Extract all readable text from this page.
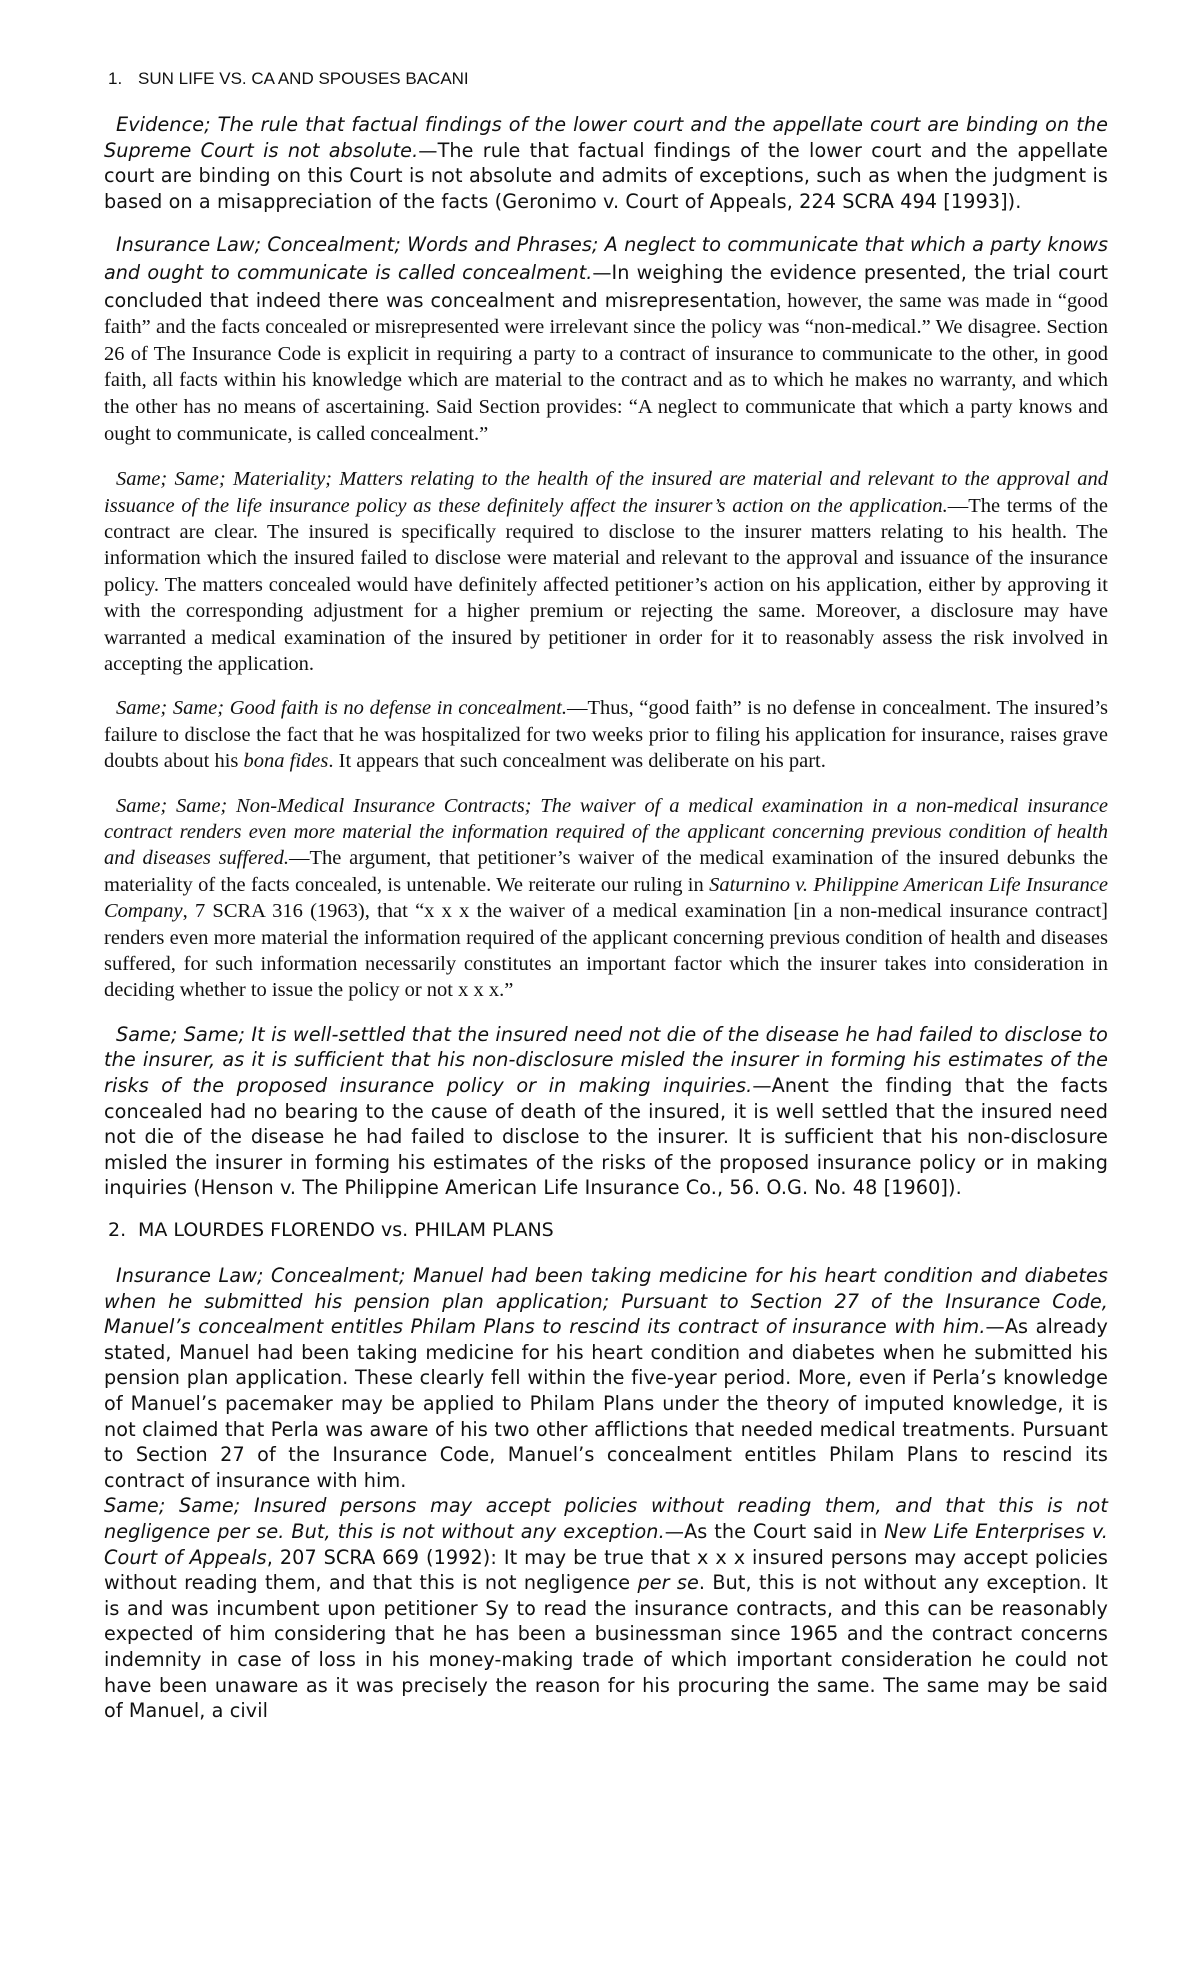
1. SUN LIFE VS. CA AND SPOUSES BACANI

Evidence; The rule that factual findings of the lower court and the appellate court are binding on the Supreme Court is not absolute.—The rule that factual findings of the lower court and the appellate court are binding on this Court is not absolute and admits of exceptions, such as when the judgment is based on a misappreciation of the facts (Geronimo v. Court of Appeals, 224 SCRA 494 [1993]).

Insurance Law; Concealment; Words and Phrases; A neglect to communicate that which a party knows and ought to communicate is called concealment.—In weighing the evidence presented, the trial court concluded that indeed there was concealment and misrepresentation, however, the same was made in “good faith” and the facts concealed or misrepresented were irrelevant since the policy was “non-medical.” We disagree. Section 26 of The Insurance Code is explicit in requiring a party to a contract of insurance to communicate to the other, in good faith, all facts within his knowledge which are material to the contract and as to which he makes no warranty, and which the other has no means of ascertaining. Said Section provides: “A neglect to communicate that which a party knows and ought to communicate, is called concealment.”

Same; Same; Materiality; Matters relating to the health of the insured are material and relevant to the approval and issuance of the life insurance policy as these definitely affect the insurer’s action on the application.—The terms of the contract are clear. The insured is specifically required to disclose to the insurer matters relating to his health. The information which the insured failed to disclose were material and relevant to the approval and issuance of the insurance policy. The matters concealed would have definitely affected petitioner’s action on his application, either by approving it with the corresponding adjustment for a higher premium or rejecting the same. Moreover, a disclosure may have warranted a medical examination of the insured by petitioner in order for it to reasonably assess the risk involved in accepting the application.

Same; Same; Good faith is no defense in concealment.—Thus, “good faith” is no defense in concealment. The insured’s failure to disclose the fact that he was hospitalized for two weeks prior to filing his application for insurance, raises grave doubts about his bona fides. It appears that such concealment was deliberate on his part.

Same; Same; Non-Medical Insurance Contracts; The waiver of a medical examination in a non-medical insurance contract renders even more material the information required of the applicant concerning previous condition of health and diseases suffered.—The argument, that petitioner’s waiver of the medical examination of the insured debunks the materiality of the facts concealed, is untenable. We reiterate our ruling in Saturnino v. Philippine American Life Insurance Company, 7 SCRA 316 (1963), that “x x x the waiver of a medical examination [in a non-medical insurance contract] renders even more material the information required of the applicant concerning previous condition of health and diseases suffered, for such information necessarily constitutes an important factor which the insurer takes into consideration in deciding whether to issue the policy or not x x x.”

Same; Same; It is well-settled that the insured need not die of the disease he had failed to disclose to the insurer, as it is sufficient that his non-disclosure misled the insurer in forming his estimates of the risks of the proposed insurance policy or in making inquiries.—Anent the finding that the facts concealed had no bearing to the cause of death of the insured, it is well settled that the insured need not die of the disease he had failed to disclose to the insurer. It is sufficient that his non-disclosure misled the insurer in forming his estimates of the risks of the proposed insurance policy or in making inquiries (Henson v. The Philippine American Life Insurance Co., 56. O.G. No. 48 [1960]).

2. MA LOURDES FLORENDO vs. PHILAM PLANS

Insurance Law; Concealment; Manuel had been taking medicine for his heart condition and diabetes when he submitted his pension plan application; Pursuant to Section 27 of the Insurance Code, Manuel’s concealment entitles Philam Plans to rescind its contract of insurance with him.—As already stated, Manuel had been taking medicine for his heart condition and diabetes when he submitted his pension plan application. These clearly fell within the five-year period. More, even if Perla’s knowledge of Manuel’s pacemaker may be applied to Philam Plans under the theory of imputed knowledge, it is not claimed that Perla was aware of his two other afflictions that needed medical treatments. Pursuant to Section 27 of the Insurance Code, Manuel’s concealment entitles Philam Plans to rescind its contract of insurance with him.

Same; Same; Insured persons may accept policies without reading them, and that this is not negligence per se. But, this is not without any exception.—As the Court said in New Life Enterprises v. Court of Appeals, 207 SCRA 669 (1992): It may be true that x x x insured persons may accept policies without reading them, and that this is not negligence per se. But, this is not without any exception. It is and was incumbent upon petitioner Sy to read the insurance contracts, and this can be reasonably expected of him considering that he has been a businessman since 1965 and the contract concerns indemnity in case of loss in his money-making trade of which important consideration he could not have been unaware as it was precisely the reason for his procuring the same. The same may be said of Manuel, a civil
